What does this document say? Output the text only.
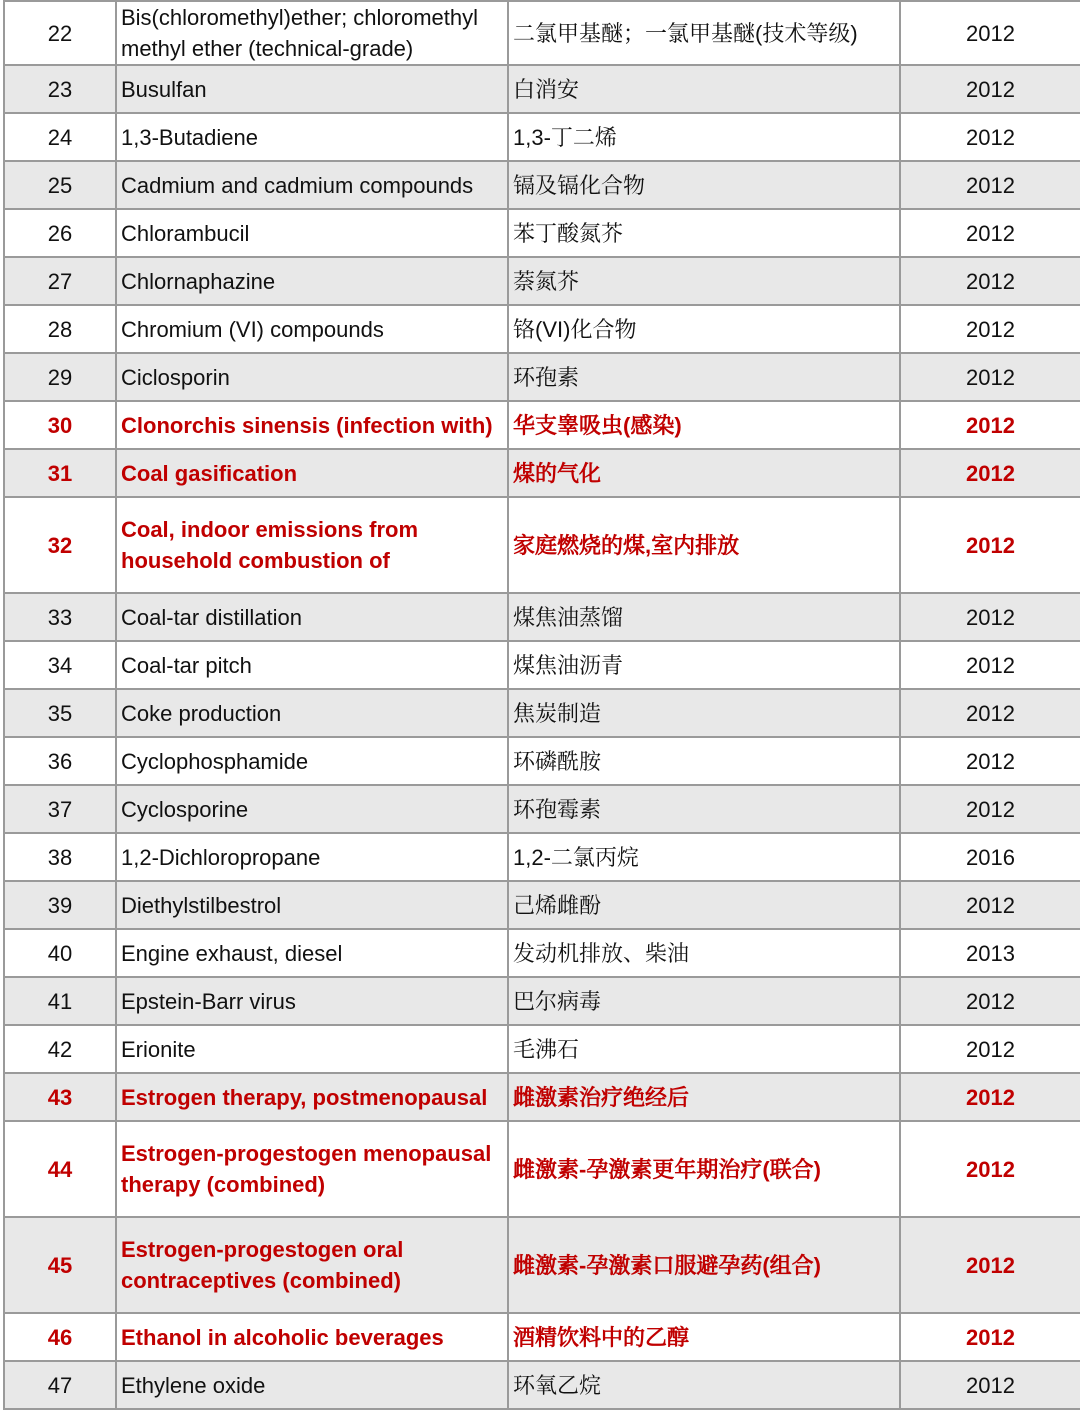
22	Bis(chloromethyl)ether; chloromethyl methyl ether (technical-grade)	二氯甲基醚；一氯甲基醚(技术等级)	2012
23	Busulfan	白消安	2012
24	1,3-Butadiene	1,3-丁二烯	2012
25	Cadmium and cadmium compounds	镉及镉化合物	2012
26	Chlorambucil	苯丁酸氮芥	2012
27	Chlornaphazine	萘氮芥	2012
28	Chromium (VI) compounds	铬(VI)化合物	2012
29	Ciclosporin	环孢素	2012
30	Clonorchis sinensis (infection with)	华支睾吸虫(感染)	2012
31	Coal gasification	煤的气化	2012
32	Coal, indoor emissions from household combustion of	家庭燃烧的煤,室内排放	2012
33	Coal-tar distillation	煤焦油蒸馏	2012
34	Coal-tar pitch	煤焦油沥青	2012
35	Coke production	焦炭制造	2012
36	Cyclophosphamide	环磷酰胺	2012
37	Cyclosporine	环孢霉素	2012
38	1,2-Dichloropropane	1,2-二氯丙烷	2016
39	Diethylstilbestrol	己烯雌酚	2012
40	Engine exhaust, diesel	发动机排放、柴油	2013
41	Epstein-Barr virus	巴尔病毒	2012
42	Erionite	毛沸石	2012
43	Estrogen therapy, postmenopausal	雌激素治疗绝经后	2012
44	Estrogen-progestogen menopausal therapy (combined)	雌激素-孕激素更年期治疗(联合)	2012
45	Estrogen-progestogen oral contraceptives (combined)	雌激素-孕激素口服避孕药(组合)	2012
46	Ethanol in alcoholic beverages	酒精饮料中的乙醇	2012
47	Ethylene oxide	环氧乙烷	2012
